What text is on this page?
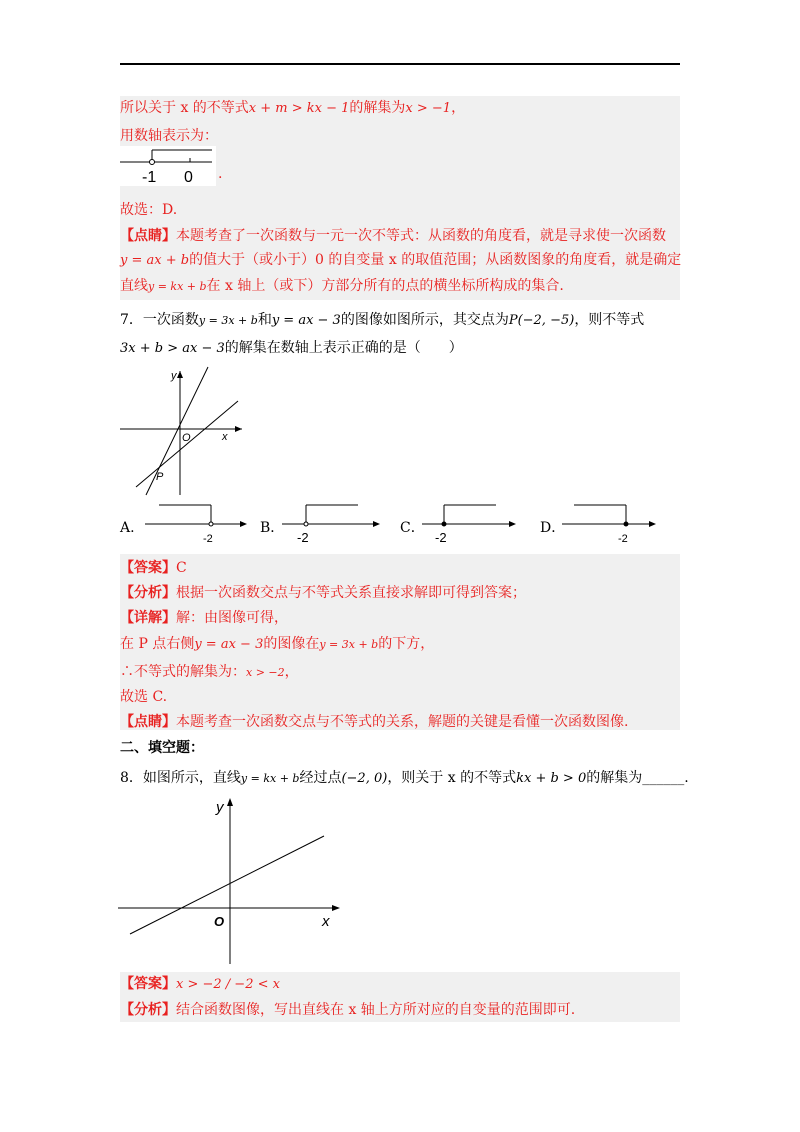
所以关于 x 的不等式x + m > kx − 1的解集为x > −1，
用数轴表示为：
-1 0 .
故选：D.
【点睛】本题考查了一次函数与一元一次不等式：从函数的角度看，就是寻求使一次函数
y = ax + b的值大于（或小于）0 的自变量 x 的取值范围；从函数图象的角度看，就是确定
直线y = kx + b在 x 轴上（或下）方部分所有的点的横坐标所构成的集合.
7．一次函数y = 3x + b和y = ax − 3的图像如图所示，其交点为P(−2, −5)，则不等式
3x + b > ax − 3的解集在数轴上表示正确的是（　　）
y
x
O
P
A.
-2
B．
-2
C．
-2
D．
-2
【答案】C
【分析】根据一次函数交点与不等式关系直接求解即可得到答案；
【详解】解：由图像可得，
在 P 点右侧y = ax − 3的图像在y = 3x + b的下方，
∴不等式的解集为：x > −2，
故选 C.
【点睛】本题考查一次函数交点与不等式的关系，解题的关键是看懂一次函数图像.
二、填空题：
8．如图所示，直线y = kx + b经过点(−2, 0)，则关于 x 的不等式kx + b > 0的解集为______.
y
x
O
【答案】x > −2 / −2 < x
【分析】结合函数图像，写出直线在 x 轴上方所对应的自变量的范围即可.
